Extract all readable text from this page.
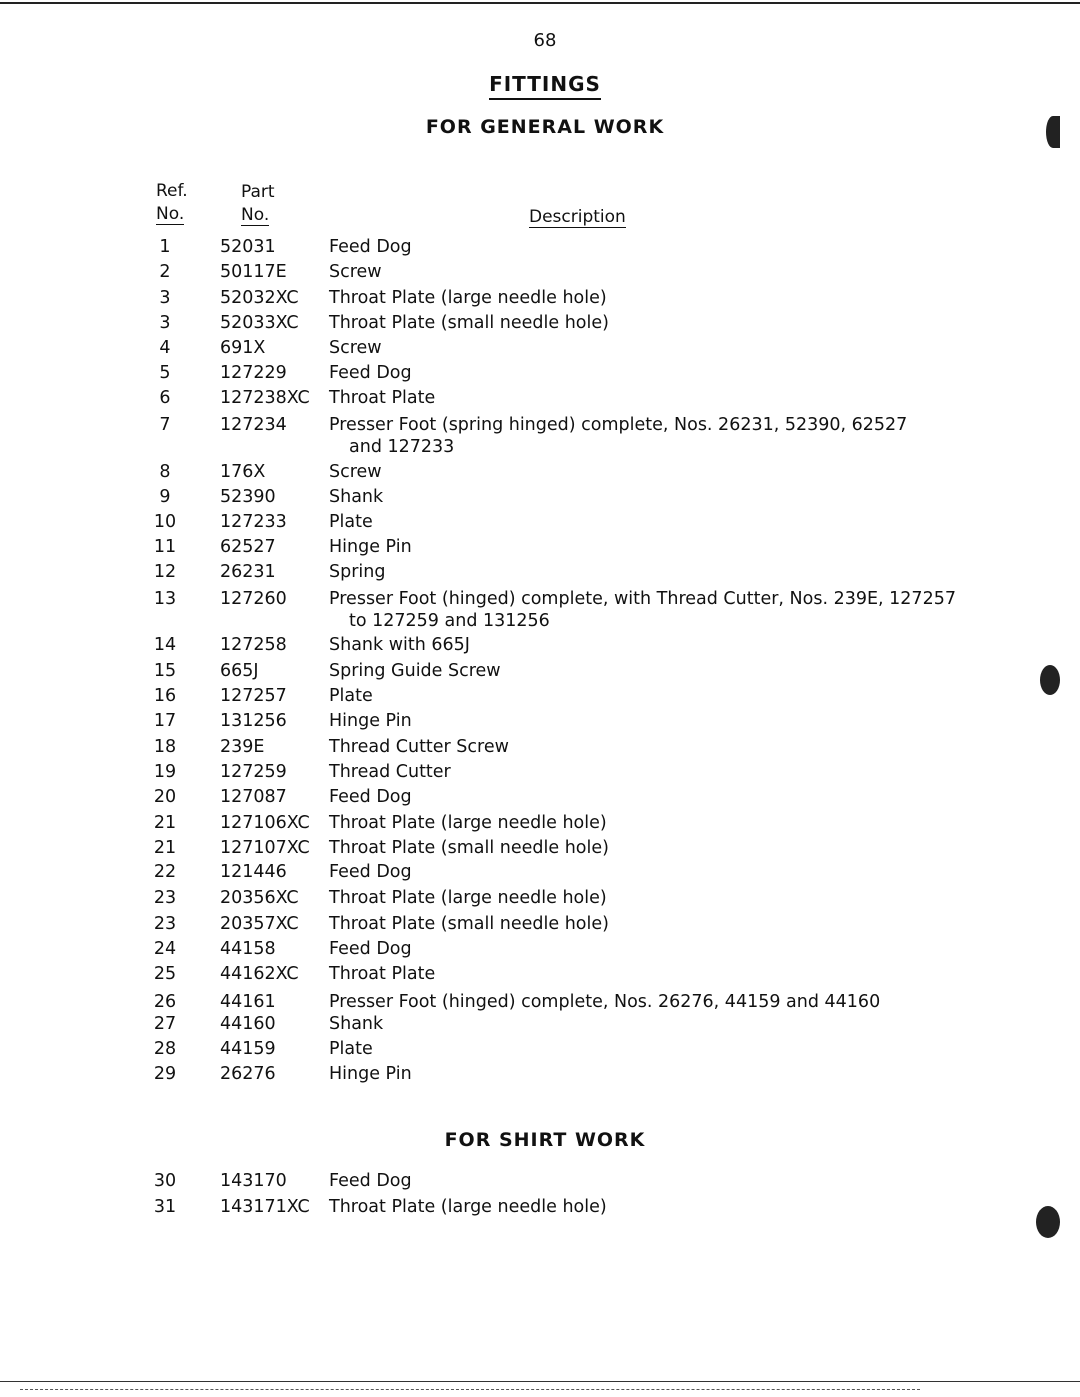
68
FITTINGS
FOR GENERAL WORK
Ref.
No.
Part
No.	Description
1	52031	Feed Dog
2	50117E	Screw
3	52032XC	Throat Plate (large needle hole)
3	52033XC	Throat Plate (small needle hole)
4	691X	Screw
5	127229	Feed Dog
6	127238XC Throat Plate
7	127234	Presser Foot (spring hinged) complete, Nos. 26231, 52390, 62527
and 127233
8	176X	Screw
9	52390	Shank
10	127233	Plate
11	62527	Hinge Pin
12	26231	Spring
13	127260	Presser Foot (hinged) complete, with Thread Cutter, Nos. 239E, 127257
to 127259 and 131256
14	127258	Shank with 665J
15	665J	Spring Guide Screw
16	127257	Plate
17	131256	Hinge Pin
18	239E	Thread Cutter Screw
19	127259	Thread Cutter
20	127087	Feed Dog
21	127106XC Throat Plate (large needle hole)
21	127107XC Throat Plate (small needle hole)
22	121446	Feed Dog
23	20356XC	Throat Plate (large needle hole)
23	20357XC	Throat Plate (small needle hole)
24	44158	Feed Dog
25	44162XC	Throat Plate
26	44161	Presser Foot (hinged) complete, Nos. 26276, 44159 and 44160
27	44160	Shank
28	44159	Plate
29	26276	Hinge Pin
FOR SHIRT WORK
30	143170	Feed Dog
31	143171XC Throat Plate (large needle hole)
